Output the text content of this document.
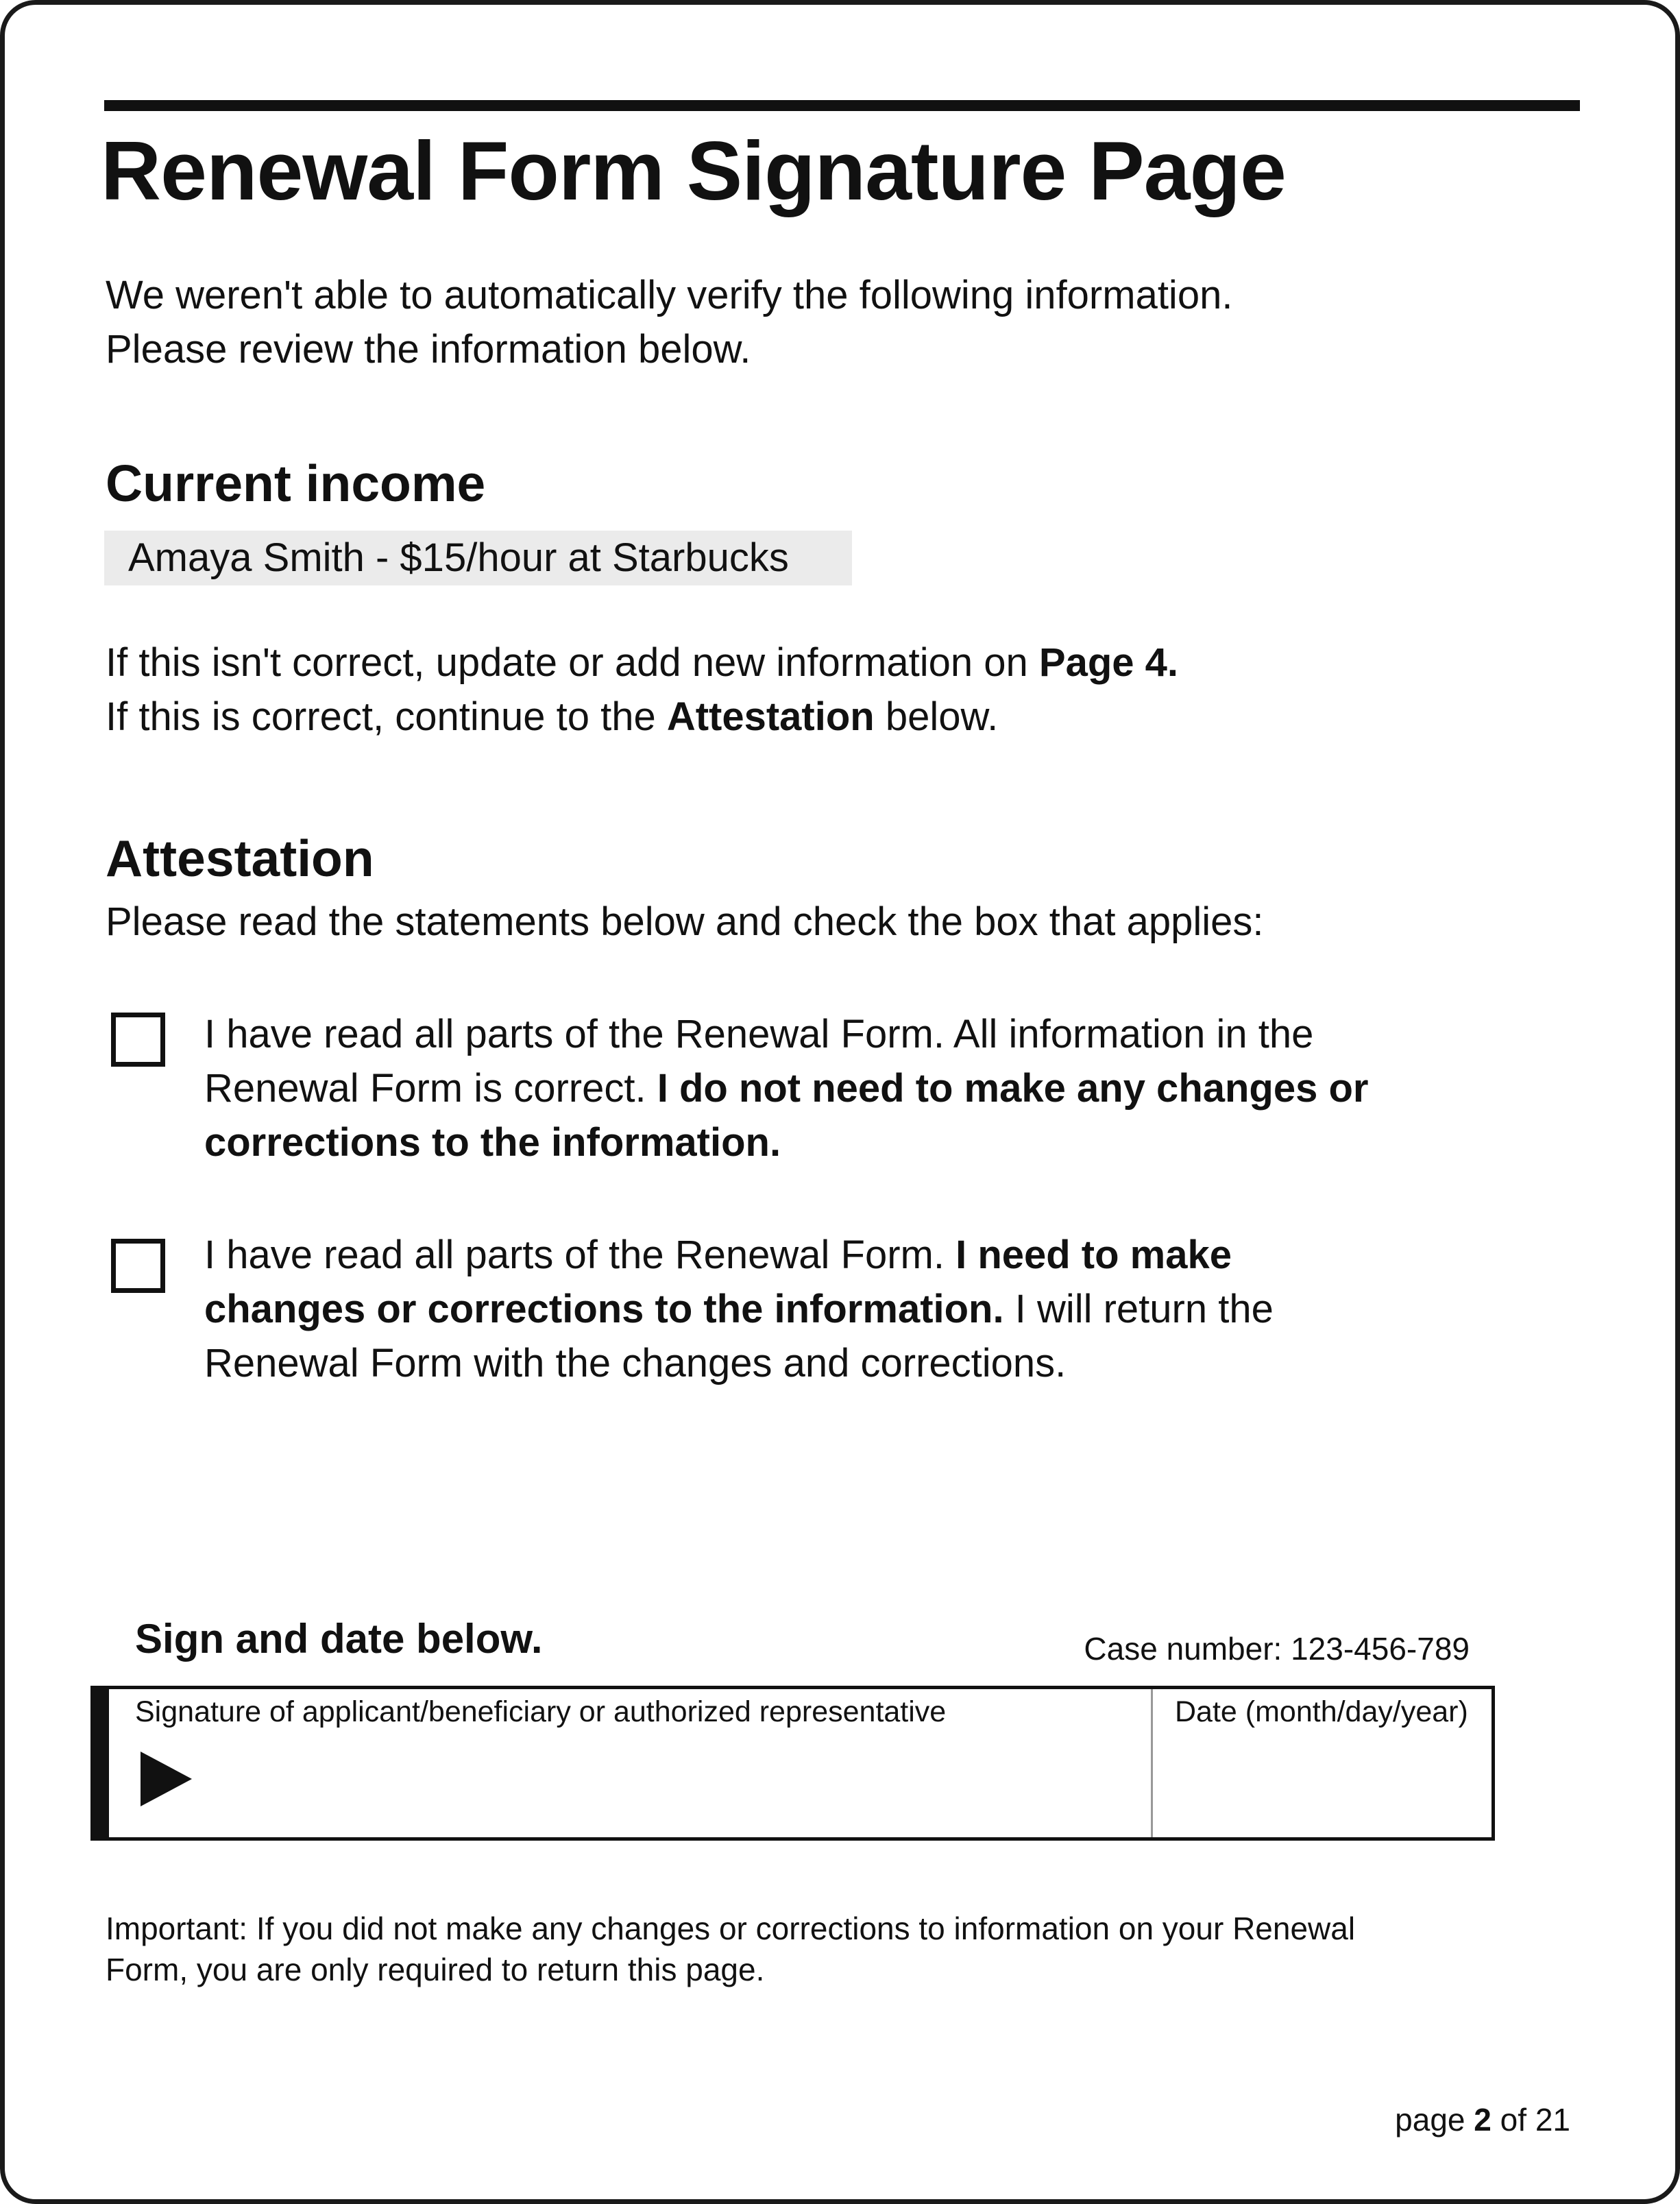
Renewal Form Signature Page
We weren't able to automatically verify the following information.
Please review the information below.
Current income
Amaya Smith - $15/hour at Starbucks
If this isn't correct, update or add new information on Page 4.
If this is correct, continue to the Attestation below.
Attestation
Please read the statements below and check the box that applies:
I have read all parts of the Renewal Form. All information in the
Renewal Form is correct. I do not need to make any changes or
corrections to the information.
I have read all parts of the Renewal Form. I need to make
changes or corrections to the information. I will return the
Renewal Form with the changes and corrections.
Sign and date below.	Case number: 123-456-789
Signature of applicant/beneficiary or authorized representative	Date (month/day/year)
Important: If you did not make any changes or corrections to information on your Renewal
Form, you are only required to return this page.
page 2 of 21
